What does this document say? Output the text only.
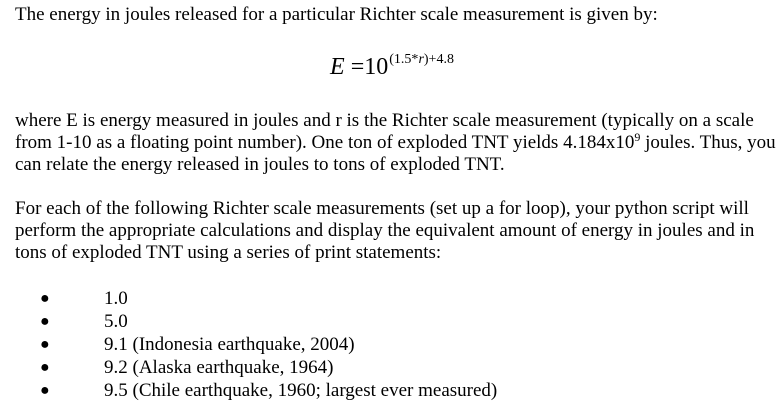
The energy in joules released for a particular Richter scale measurement is given by:

$E =10^{(1.5*r)+4.8}$

where E is energy measured in joules and r is the Richter scale measurement (typically on a scale from 1-10 as a floating point number). One ton of exploded TNT yields $4.184x10^9$ joules. Thus, you can relate the energy released in joules to tons of exploded TNT.

For each of the following Richter scale measurements (set up a for loop), your python script will perform the appropriate calculations and display the equivalent amount of energy in joules and in tons of exploded TNT using a series of print statements:

●	1.0
●	5.0
●	9.1 (Indonesia earthquake, 2004)
●	9.2 (Alaska earthquake, 1964)
●	9.5 (Chile earthquake, 1960; largest ever measured)
